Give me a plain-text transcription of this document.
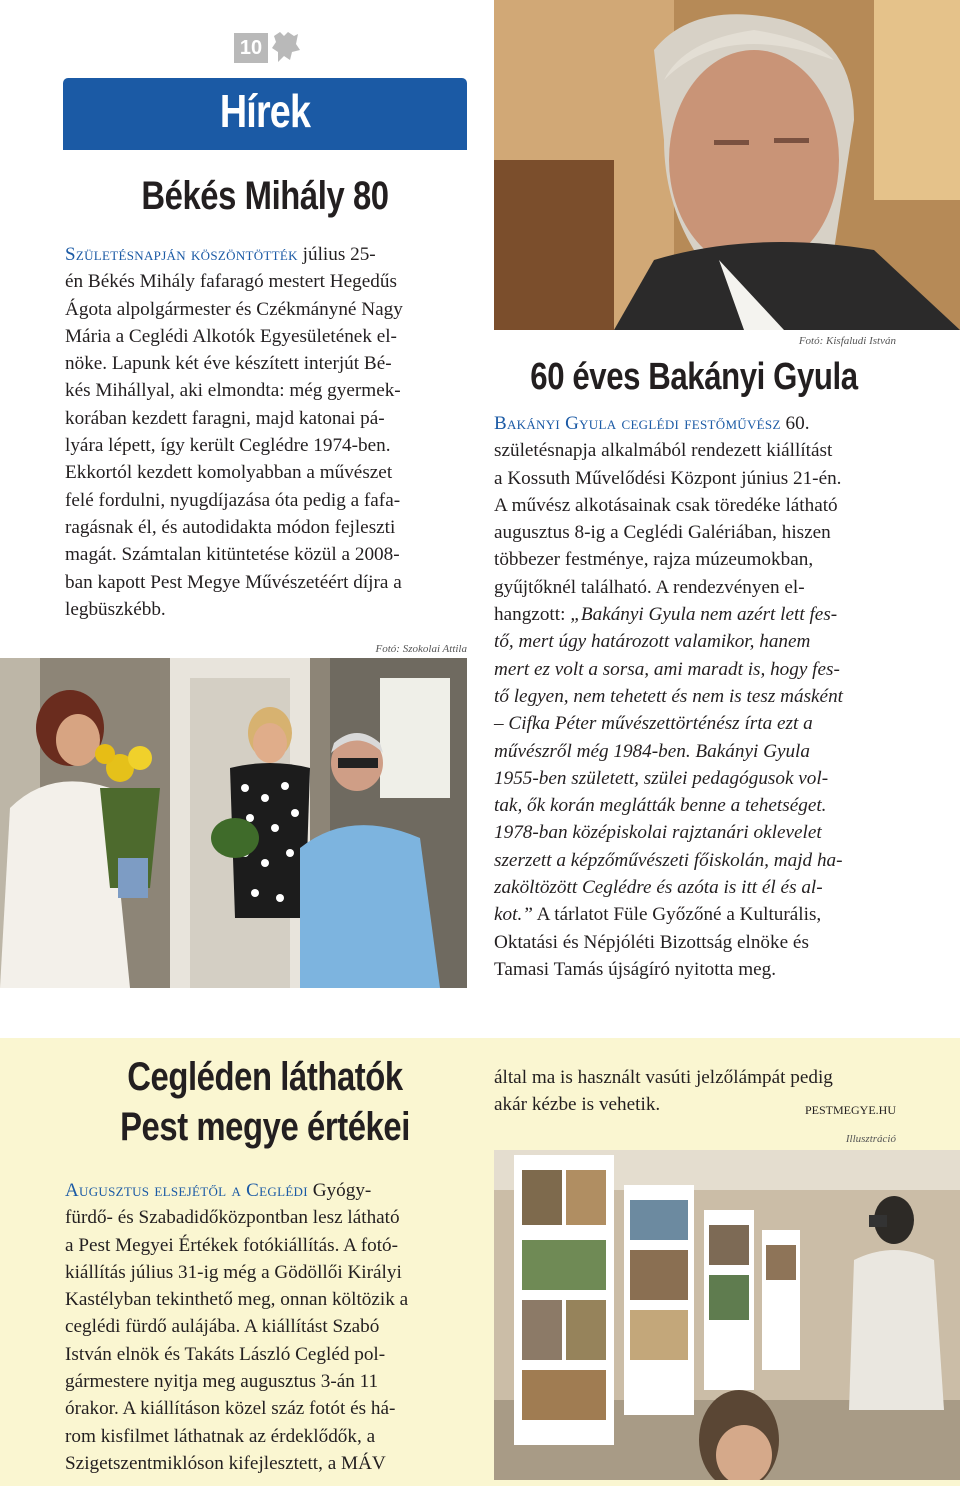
10
Hírek
Békés Mihály 80
Születésnapján köszöntötték július 25-
én Békés Mihály fafaragó mestert Hegedűs
Ágota alpolgármester és Czékmányné Nagy
Mária a Ceglédi Alkotók Egyesületének el-
nöke. Lapunk két éve készített interjút Bé-
kés Mihállyal, aki elmondta: még gyermek-
korában kezdett faragni, majd katonai pá-
lyára lépett, így került Ceglédre 1974-ben.
Ekkortól kezdett komolyabban a művészet
felé fordulni, nyugdíjazása óta pedig a fafa-
ragásnak él, és autodidakta módon fejleszti
magát. Számtalan kitüntetése közül a 2008-
ban kapott Pest Megye Művészetéért díjra a
legbüszkébb.
Fotó: Szokolai Attila
Fotó: Kisfaludi István
60 éves Bakányi Gyula
Bakányi Gyula ceglédi festőművész 60.
születésnapja alkalmából rendezett kiállítást
a Kossuth Művelődési Központ június 21-én.
A művész alkotásainak csak töredéke látható
augusztus 8-ig a Ceglédi Galériában, hiszen
többezer festménye, rajza múzeumokban,
gyűjtőknél található. A rendezvényen el-
hangzott: „Bakányi Gyula nem azért lett fes-
tő, mert úgy határozott valamikor, hanem
mert ez volt a sorsa, ami maradt is, hogy fes-
tő legyen, nem tehetett és nem is tesz másként
– Cifka Péter művészettörténész írta ezt a
művészről még 1984-ben. Bakányi Gyula
1955-ben született, szülei pedagógusok vol-
tak, ők korán meglátták benne a tehetséget.
1978-ban középiskolai rajztanári oklevelet
szerzett a képzőművészeti főiskolán, majd ha-
zaköltözött Ceglédre és azóta is itt él és al-
kot.” A tárlatot Füle Győzőné a Kulturális,
Oktatási és Népjóléti Bizottság elnöke és
Tamasi Tamás újságíró nyitotta meg.
Cegléden láthatók
Pest megye értékei
Augusztus elsejétől a Ceglédi Gyógy-
fürdő- és Szabadidőközpontban lesz látható
a Pest Megyei Értékek fotókiállítás. A fotó-
kiállítás július 31-ig még a Gödöllői Királyi
Kastélyban tekinthető meg, onnan költözik a
ceglédi fürdő aulájába. A kiállítást Szabó
István elnök és Takáts László Cegléd pol-
gármestere nyitja meg augusztus 3-án 11
órakor. A kiállításon közel száz fotót és há-
rom kisfilmet láthatnak az érdeklődők, a
Szigetszentmiklóson kifejlesztett, a MÁV
által ma is használt vasúti jelzőlámpát pedig
akár kézbe is vehetik.	PESTMEGYE.HU
Illusztráció
